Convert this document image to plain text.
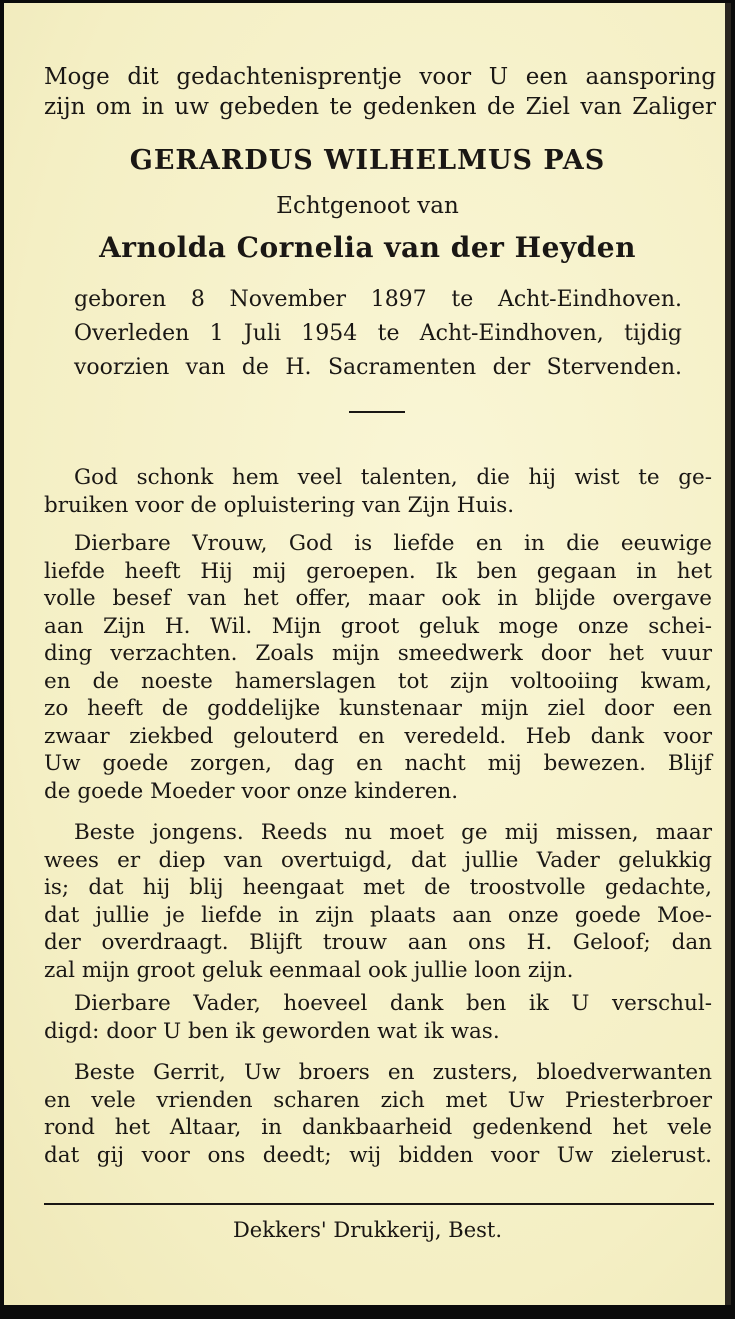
Moge dit gedachtenisprentje voor U een aansporing
zijn om in uw gebeden te gedenken de Ziel van Zaliger
GERARDUS WILHELMUS PAS
Echtgenoot van
Arnolda Cornelia van der Heyden
geboren 8 November 1897 te Acht-Eindhoven.
Overleden 1 Juli 1954 te Acht-Eindhoven, tijdig
voorzien van de H. Sacramenten der Stervenden.
God schonk hem veel talenten, die hij wist te ge-
bruiken voor de opluistering van Zijn Huis.
Dierbare Vrouw, God is liefde en in die eeuwige
liefde heeft Hij mij geroepen. Ik ben gegaan in het
volle besef van het offer, maar ook in blijde overgave
aan Zijn H. Wil. Mijn groot geluk moge onze schei-
ding verzachten. Zoals mijn smeedwerk door het vuur
en de noeste hamerslagen tot zijn voltooiing kwam,
zo heeft de goddelijke kunstenaar mijn ziel door een
zwaar ziekbed gelouterd en veredeld. Heb dank voor
Uw goede zorgen, dag en nacht mij bewezen. Blijf
de goede Moeder voor onze kinderen.
Beste jongens. Reeds nu moet ge mij missen, maar
wees er diep van overtuigd, dat jullie Vader gelukkig
is; dat hij blij heengaat met de troostvolle gedachte,
dat jullie je liefde in zijn plaats aan onze goede Moe-
der overdraagt. Blijft trouw aan ons H. Geloof; dan
zal mijn groot geluk eenmaal ook jullie loon zijn.
Dierbare Vader, hoeveel dank ben ik U verschul-
digd: door U ben ik geworden wat ik was.
Beste Gerrit, Uw broers en zusters, bloedverwanten
en vele vrienden scharen zich met Uw Priesterbroer
rond het Altaar, in dankbaarheid gedenkend het vele
dat gij voor ons deedt; wij bidden voor Uw zielerust.
Dekkers' Drukkerij, Best.
